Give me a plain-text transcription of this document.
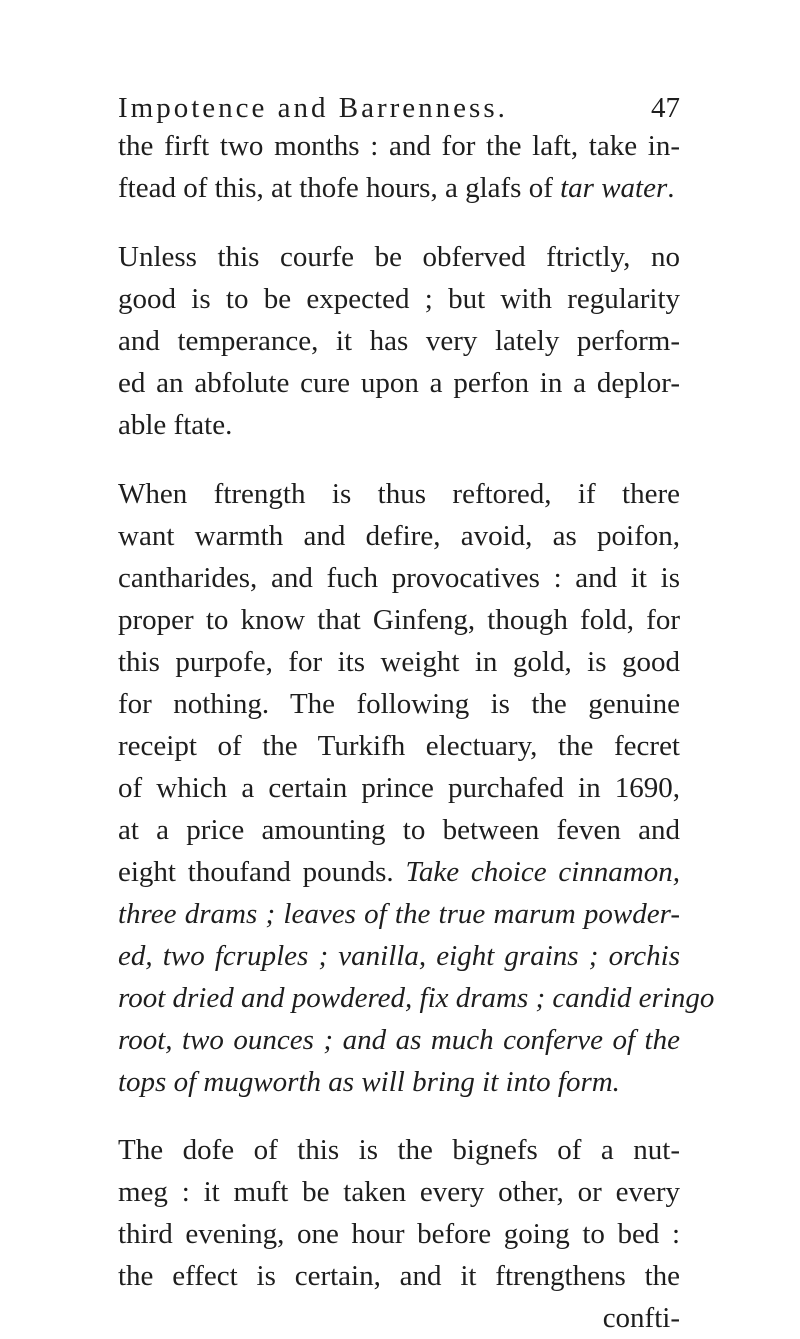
Impotence and Barrenness.	47
the firft two months : and for the laft, take in-
ftead of this, at thofe hours, a glafs of tar water.
Unless this courfe be obferved ftrictly, no
good is to be expected ; but with regularity
and temperance, it has very lately perform-
ed an abfolute cure upon a perfon in a deplor-
able ftate.
When ftrength is thus reftored, if there
want warmth and defire, avoid, as poifon,
cantharides, and fuch provocatives : and it is
proper to know that Ginfeng, though fold, for
this purpofe, for its weight in gold, is good
for nothing. The following is the genuine
receipt of the Turkifh electuary, the fecret
of which a certain prince purchafed in 1690,
at a price amounting to between feven and
eight thoufand pounds. Take choice cinnamon,
three drams ; leaves of the true marum powder-
ed, two fcruples ; vanilla, eight grains ; orchis
root dried and powdered, fix drams ; candid eringo
root, two ounces ; and as much conferve of the
tops of mugworth as will bring it into form.
The dofe of this is the bignefs of a nut-
meg : it muft be taken every other, or every
third evening, one hour before going to bed :
the effect is certain, and it ftrengthens the
confti-
